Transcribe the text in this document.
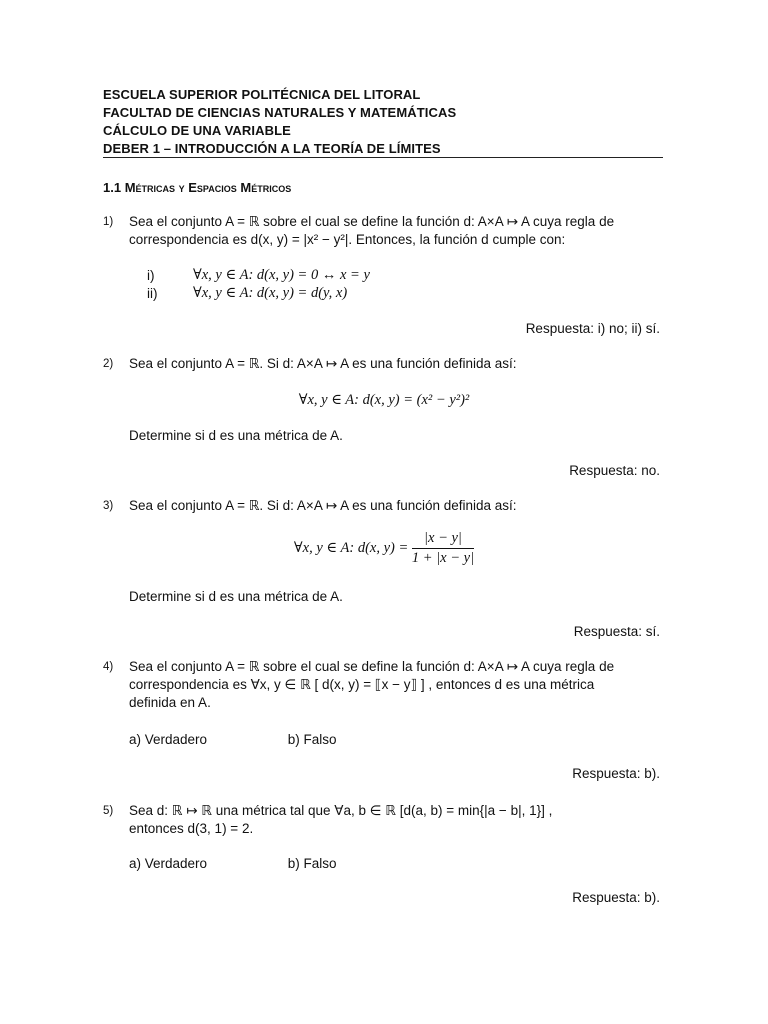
ESCUELA SUPERIOR POLITÉCNICA DEL LITORAL
FACULTAD DE CIENCIAS NATURALES Y MATEMÁTICAS
CÁLCULO DE UNA VARIABLE
DEBER 1 – INTRODUCCIÓN A LA TEORÍA DE LÍMITES
1.1 Métricas y Espacios Métricos
1) Sea el conjunto A = ℝ sobre el cual se define la función d: A×A ↦ A cuya regla de
correspondencia es d(x, y) = |x² − y²|. Entonces, la función d cumple con:
i)	∀x, y ∈ A: d(x, y) = 0 ↔ x = y
ii) ∀x, y ∈ A: d(x, y) = d(y, x)
Respuesta: i) no; ii) sí.
2) Sea el conjunto A = ℝ. Si d: A×A ↦ A es una función definida así:
∀x, y ∈ A: d(x, y) = (x² − y²)²
Determine si d es una métrica de A.
Respuesta: no.
3) Sea el conjunto A = ℝ. Si d: A×A ↦ A es una función definida así:
∀x, y ∈ A: d(x, $y) = \frac{|x - y|}{1 + |x - y|}$
Determine si d es una métrica de A.
Respuesta: sí.
4) Sea el conjunto A = ℝ sobre el cual se define la función d: A×A ↦ A cuya regla de
correspondencia es ∀x, y ∈ ℝ [ d(x, y) = ⟦x − y⟧ ] , entonces d es una métrica
definida en A.
a) Verdadero	b) Falso
Respuesta: b).
5) Sea d: ℝ ↦ ℝ una métrica tal que ∀a, b ∈ ℝ [d(a, b) = min{|a − b|, 1}] ,
entonces d(3, 1) = 2.
a) Verdadero	b) Falso
Respuesta: b).
